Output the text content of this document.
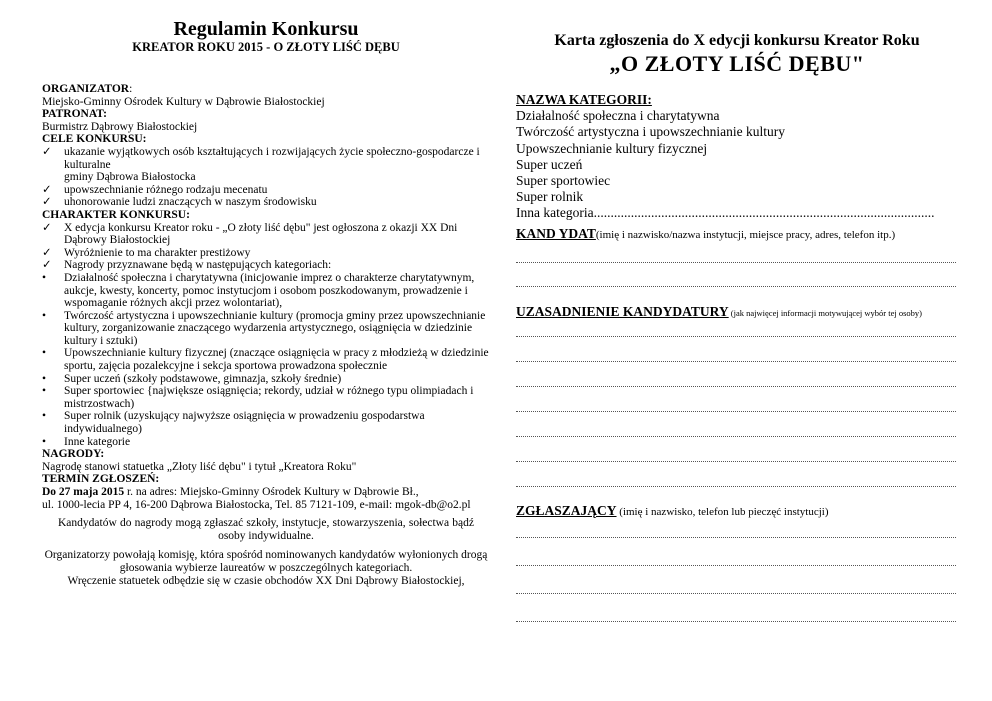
Regulamin Konkursu
KREATOR ROKU 2015 - O ZŁOTY LIŚĆ DĘBU
ORGANIZATOR:
Miejsko-Gminny Ośrodek Kultury w Dąbrowie Białostockiej
PATRONAT:
Burmistrz Dąbrowy Białostockiej
CELE KONKURSU:
✓	ukazanie wyjątkowych osób kształtujących i rozwijających życie społeczno-gospodarcze i kulturalne
gminy Dąbrowa Białostocka
✓	upowszechnianie różnego rodzaju mecenatu
✓	uhonorowanie ludzi znaczących w naszym środowisku
CHARAKTER KONKURSU:
✓	X edycja konkursu Kreator roku - „O złoty liść dębu" jest ogłoszona z okazji XX Dni Dąbrowy Białostockiej
✓	Wyróżnienie to ma charakter prestiżowy
✓	Nagrody przyznawane będą w następujących kategoriach:
•	Działalność społeczna i charytatywna (inicjowanie imprez o charakterze charytatywnym, aukcje, kwesty, koncerty, pomoc instytucjom i osobom poszkodowanym, prowadzenie i wspomaganie różnych akcji przez wolontariat),
•	Twórczość artystyczna i upowszechnianie kultury (promocja gminy przez upowszechnianie kultury, zorganizowanie znaczącego wydarzenia artystycznego, osiągnięcia w dziedzinie kultury i sztuki)
•	Upowszechnianie kultury fizycznej (znaczące osiągnięcia w pracy z młodzieżą w dziedzinie sportu, zajęcia pozalekcyjne i sekcja sportowa prowadzona społecznie
•	Super uczeń (szkoły podstawowe, gimnazja, szkoły średnie)
•	Super sportowiec {największe osiągnięcia; rekordy, udział w różnego typu olimpiadach i mistrzostwach)
•	Super rolnik (uzyskujący najwyższe osiągnięcia w prowadzeniu gospodarstwa indywidualnego)
•	Inne kategorie
NAGRODY:
Nagrodę stanowi statuetka „Złoty liść dębu" i tytuł „Kreatora Roku"
TERMIN ZGŁOSZEŃ:
Do 27 maja 2015 r. na adres: Miejsko-Gminny Ośrodek Kultury w Dąbrowie Bł.,
ul. 1000-lecia PP 4, 16-200 Dąbrowa Białostocka, Tel. 85 7121-109, e-mail: mgok-db@o2.pl
Kandydatów do nagrody mogą zgłaszać szkoły, instytucje, stowarzyszenia, sołectwa bądź osoby indywidualne.
Organizatorzy powołają komisję, która spośród nominowanych kandydatów wyłonionych drogą głosowania wybierze laureatów w poszczególnych kategoriach.
Wręczenie statuetek odbędzie się w czasie obchodów XX Dni Dąbrowy Białostockiej,
Karta zgłoszenia do X edycji konkursu Kreator Roku
„O ZŁOTY LIŚĆ DĘBU"
NAZWA KATEGORII:
Działalność społeczna i charytatywna
Twórczość artystyczna i upowszechnianie kultury
Upowszechnianie kultury fizycznej
Super uczeń
Super sportowiec
Super rolnik
Inna kategoria.....................................................................................................
KAND YDAT(imię i nazwisko/nazwa instytucji, miejsce pracy, adres, telefon itp.)
UZASADNIENIE KANDYDATURY (jak najwięcej informacji motywującej wybór tej osoby)
ZGŁASZAJĄCY (imię i nazwisko, telefon lub pieczęć instytucji)
